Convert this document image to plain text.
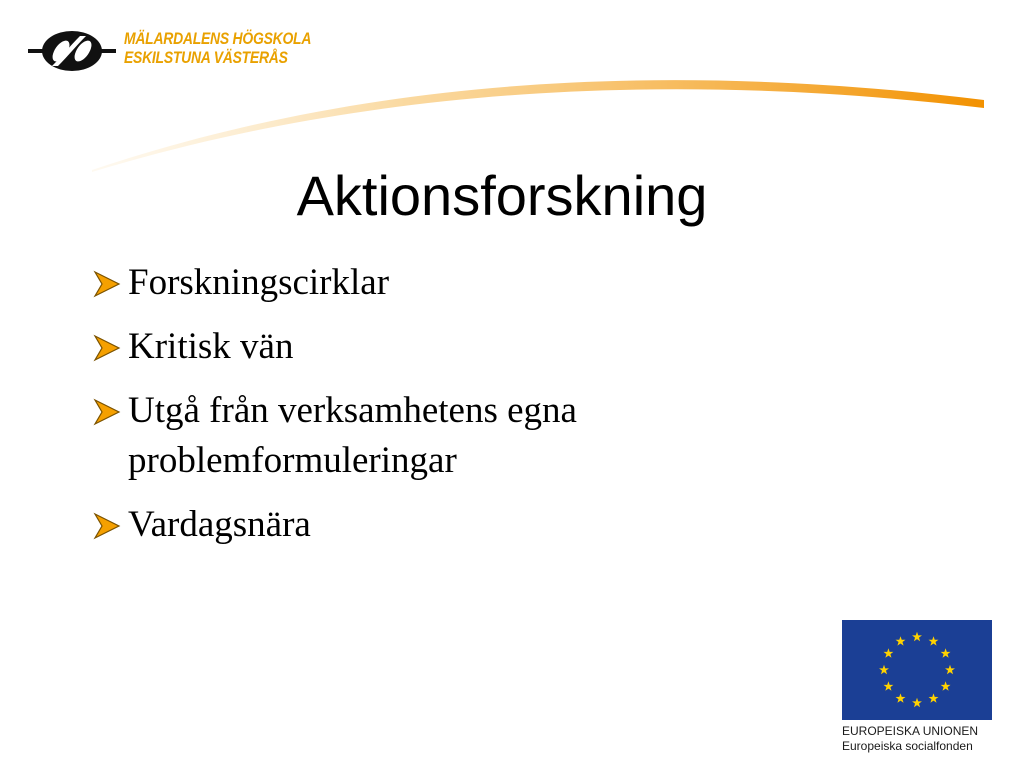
MÄLARDALENS HÖGSKOLA
ESKILSTUNA VÄSTERÅS
Aktionsforskning
Forskningscirklar
Kritisk vän
Utgå från verksamhetens egna problemformuleringar
Vardagsnära
EUROPEISKA UNIONEN
Europeiska socialfonden
